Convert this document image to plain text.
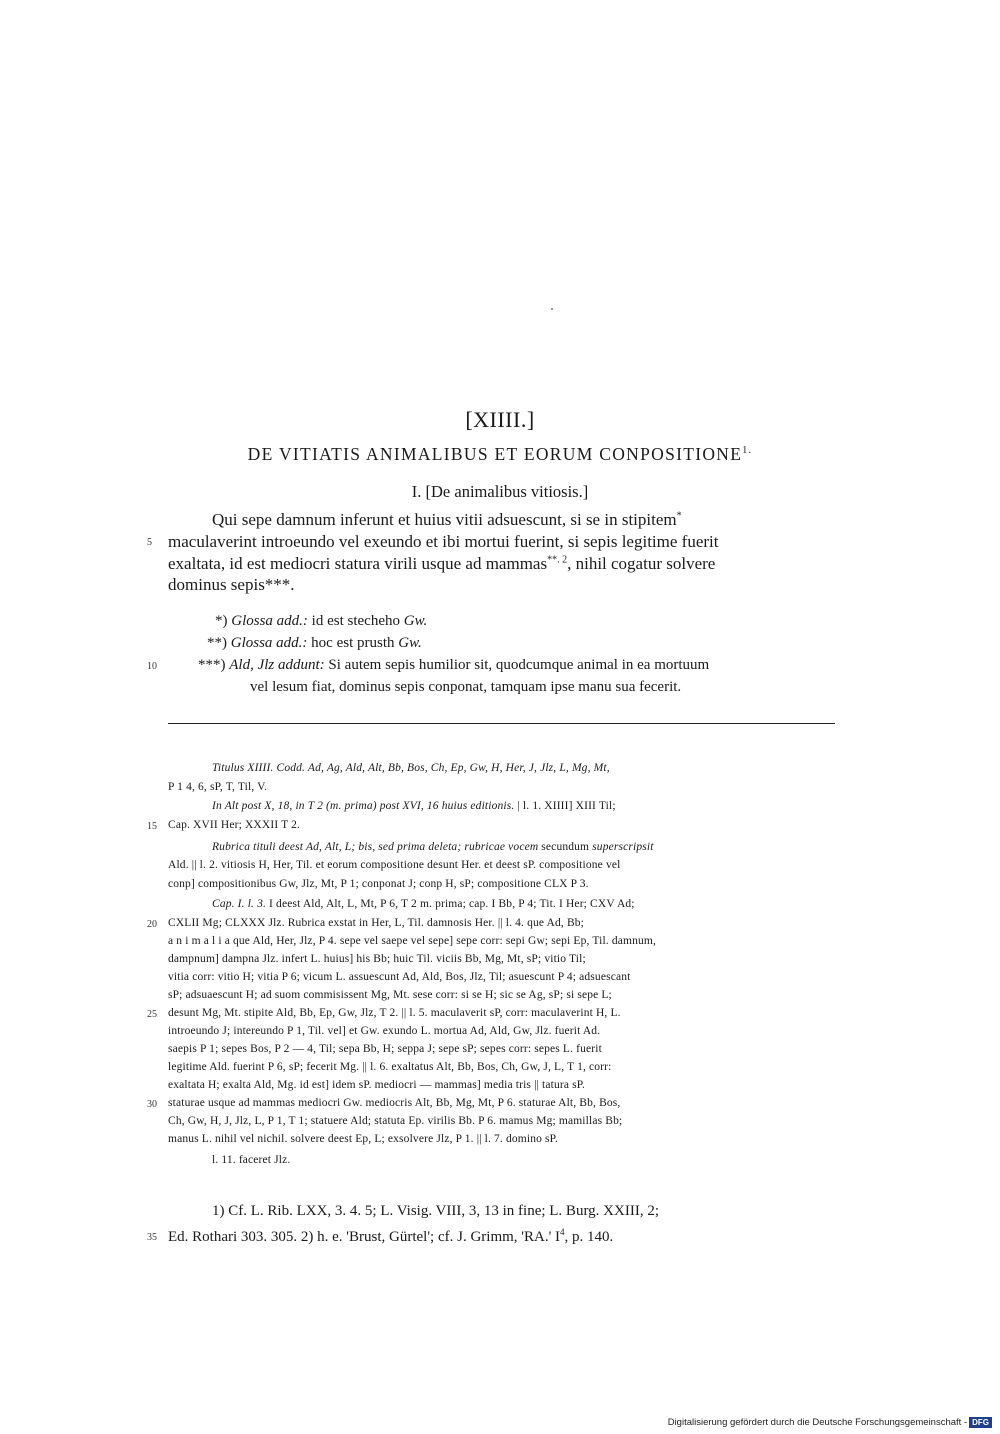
[XIIII.]
DE VITIATIS ANIMALIBUS ET EORUM $CONPOSITIONE^{1.}$
I. [De animalibus vitiosis.]
Qui sepe damnum inferunt et huius vitii adsuescunt, si se in stipitem*
5 maculaverint introeundo vel exeundo et ibi mortui fuerint, si sepis legitime fuerit
exaltata, id est mediocri statura virili usque ad mammas$^{**. 2}$, nihil cogatur solvere
dominus sepis***.
*) Glossa add.: id est stecheho Gw.
**) Glossa add.: hoc est prusth Gw.
10	***) Ald, Jlz addunt: Si autem sepis humilior sit, quodcumque animal in ea mortuum
vel lesum fiat, dominus sepis conponat, tamquam ipse manu sua fecerit.
Titulus XIIII. Codd. Ad, Ag, Ald, Alt, Bb, Bos, Ch, Ep, Gw, H, Her, J, Jlz, L, Mg, Mt,
P 1 4, 6, sP, T, Til, V.
In Alt post X, 18, in T 2 (m. prima) post XVI, 16 huius editionis. | l. 1. XIIII] XIII Til;
15 Cap. XVII Her; XXXII T 2.
Rubrica tituli deest Ad, Alt, L; bis, sed prima deleta; rubricae vocem secundum superscripsit
Ald. || l. 2. vitiosis H, Her, Til. et eorum compositione desunt Her. et deest sP. compositione vel
conp] compositionibus Gw, Jlz, Mt, P 1; conponat J; conp H, sP; compositione CLX P 3.
Cap. I. l. 3. I deest Ald, Alt, L, Mt, P 6, T 2 m. prima; cap. I Bb, P 4; Tit. I Her; CXV Ad;
20 CXLII Mg; CLXXX Jlz. Rubrica exstat in Her, L, Til. damnosis Her. || l. 4. que Ad, Bb;
a n i m a l i a que Ald, Her, Jlz, P 4. sepe vel saepe vel sepe] sepe corr: sepi Gw; sepi Ep, Til. damnum,
dampnum] dampna Jlz. infert L. huius] his Bb; huic Til. viciis Bb, Mg, Mt, sP; vitio Til;
vitia corr: vitio H; vitia P 6; vicum L. assuescunt Ad, Ald, Bos, Jlz, Til; asuescunt P 4; adsuescant
sP; adsuaescunt H; ad suom commisissent Mg, Mt. sese corr: si se H; sic se Ag, sP; si sepe L;
25 desunt Mg, Mt. stipite Ald, Bb, Ep, Gw, Jlz, T 2. || l. 5. maculaverit sP, corr: maculaverint H, L.
introeundo J; intereundo P 1, Til. vel] et Gw. exundo L. mortua Ad, Ald, Gw, Jlz. fuerit Ad.
saepis P 1; sepes Bos, P 2 — 4, Til; sepa Bb, H; seppa J; sepe sP; sepes corr: sepes L. fuerit
legitime Ald. fuerint P 6, sP; fecerit Mg. || l. 6. exaltatus Alt, Bb, Bos, Ch, Gw, J, L, T 1, corr:
exaltata H; exalta Ald, Mg. id est] idem sP. mediocri — mammas] media tris || tatura sP.
30 staturae usque ad mammas mediocri Gw. mediocris Alt, Bb, Mg, Mt, P 6. staturae Alt, Bb, Bos,
Ch, Gw, H, J, Jlz, L, P 1, T 1; statuere Ald; statuta Ep. virilis Bb. P 6. mamus Mg; mamillas Bb;
manus L. nihil vel nichil. solvere deest Ep, L; exsolvere Jlz, P 1. || l. 7. domino sP.
l. 11. faceret Jlz.
1) Cf. L. Rib. LXX, 3. 4. 5; L. Visig. VIII, 3, 13 in fine; L. Burg. XXIII, 2;
35 Ed. Rothari 303. 305. 2) h. e. 'Brust, Gürtel'; cf. J. Grimm, 'RA.' $I^4$, p. 140.
Digitalisierung gefördert durch die Deutsche Forschungsgemeinschaft - DFG
